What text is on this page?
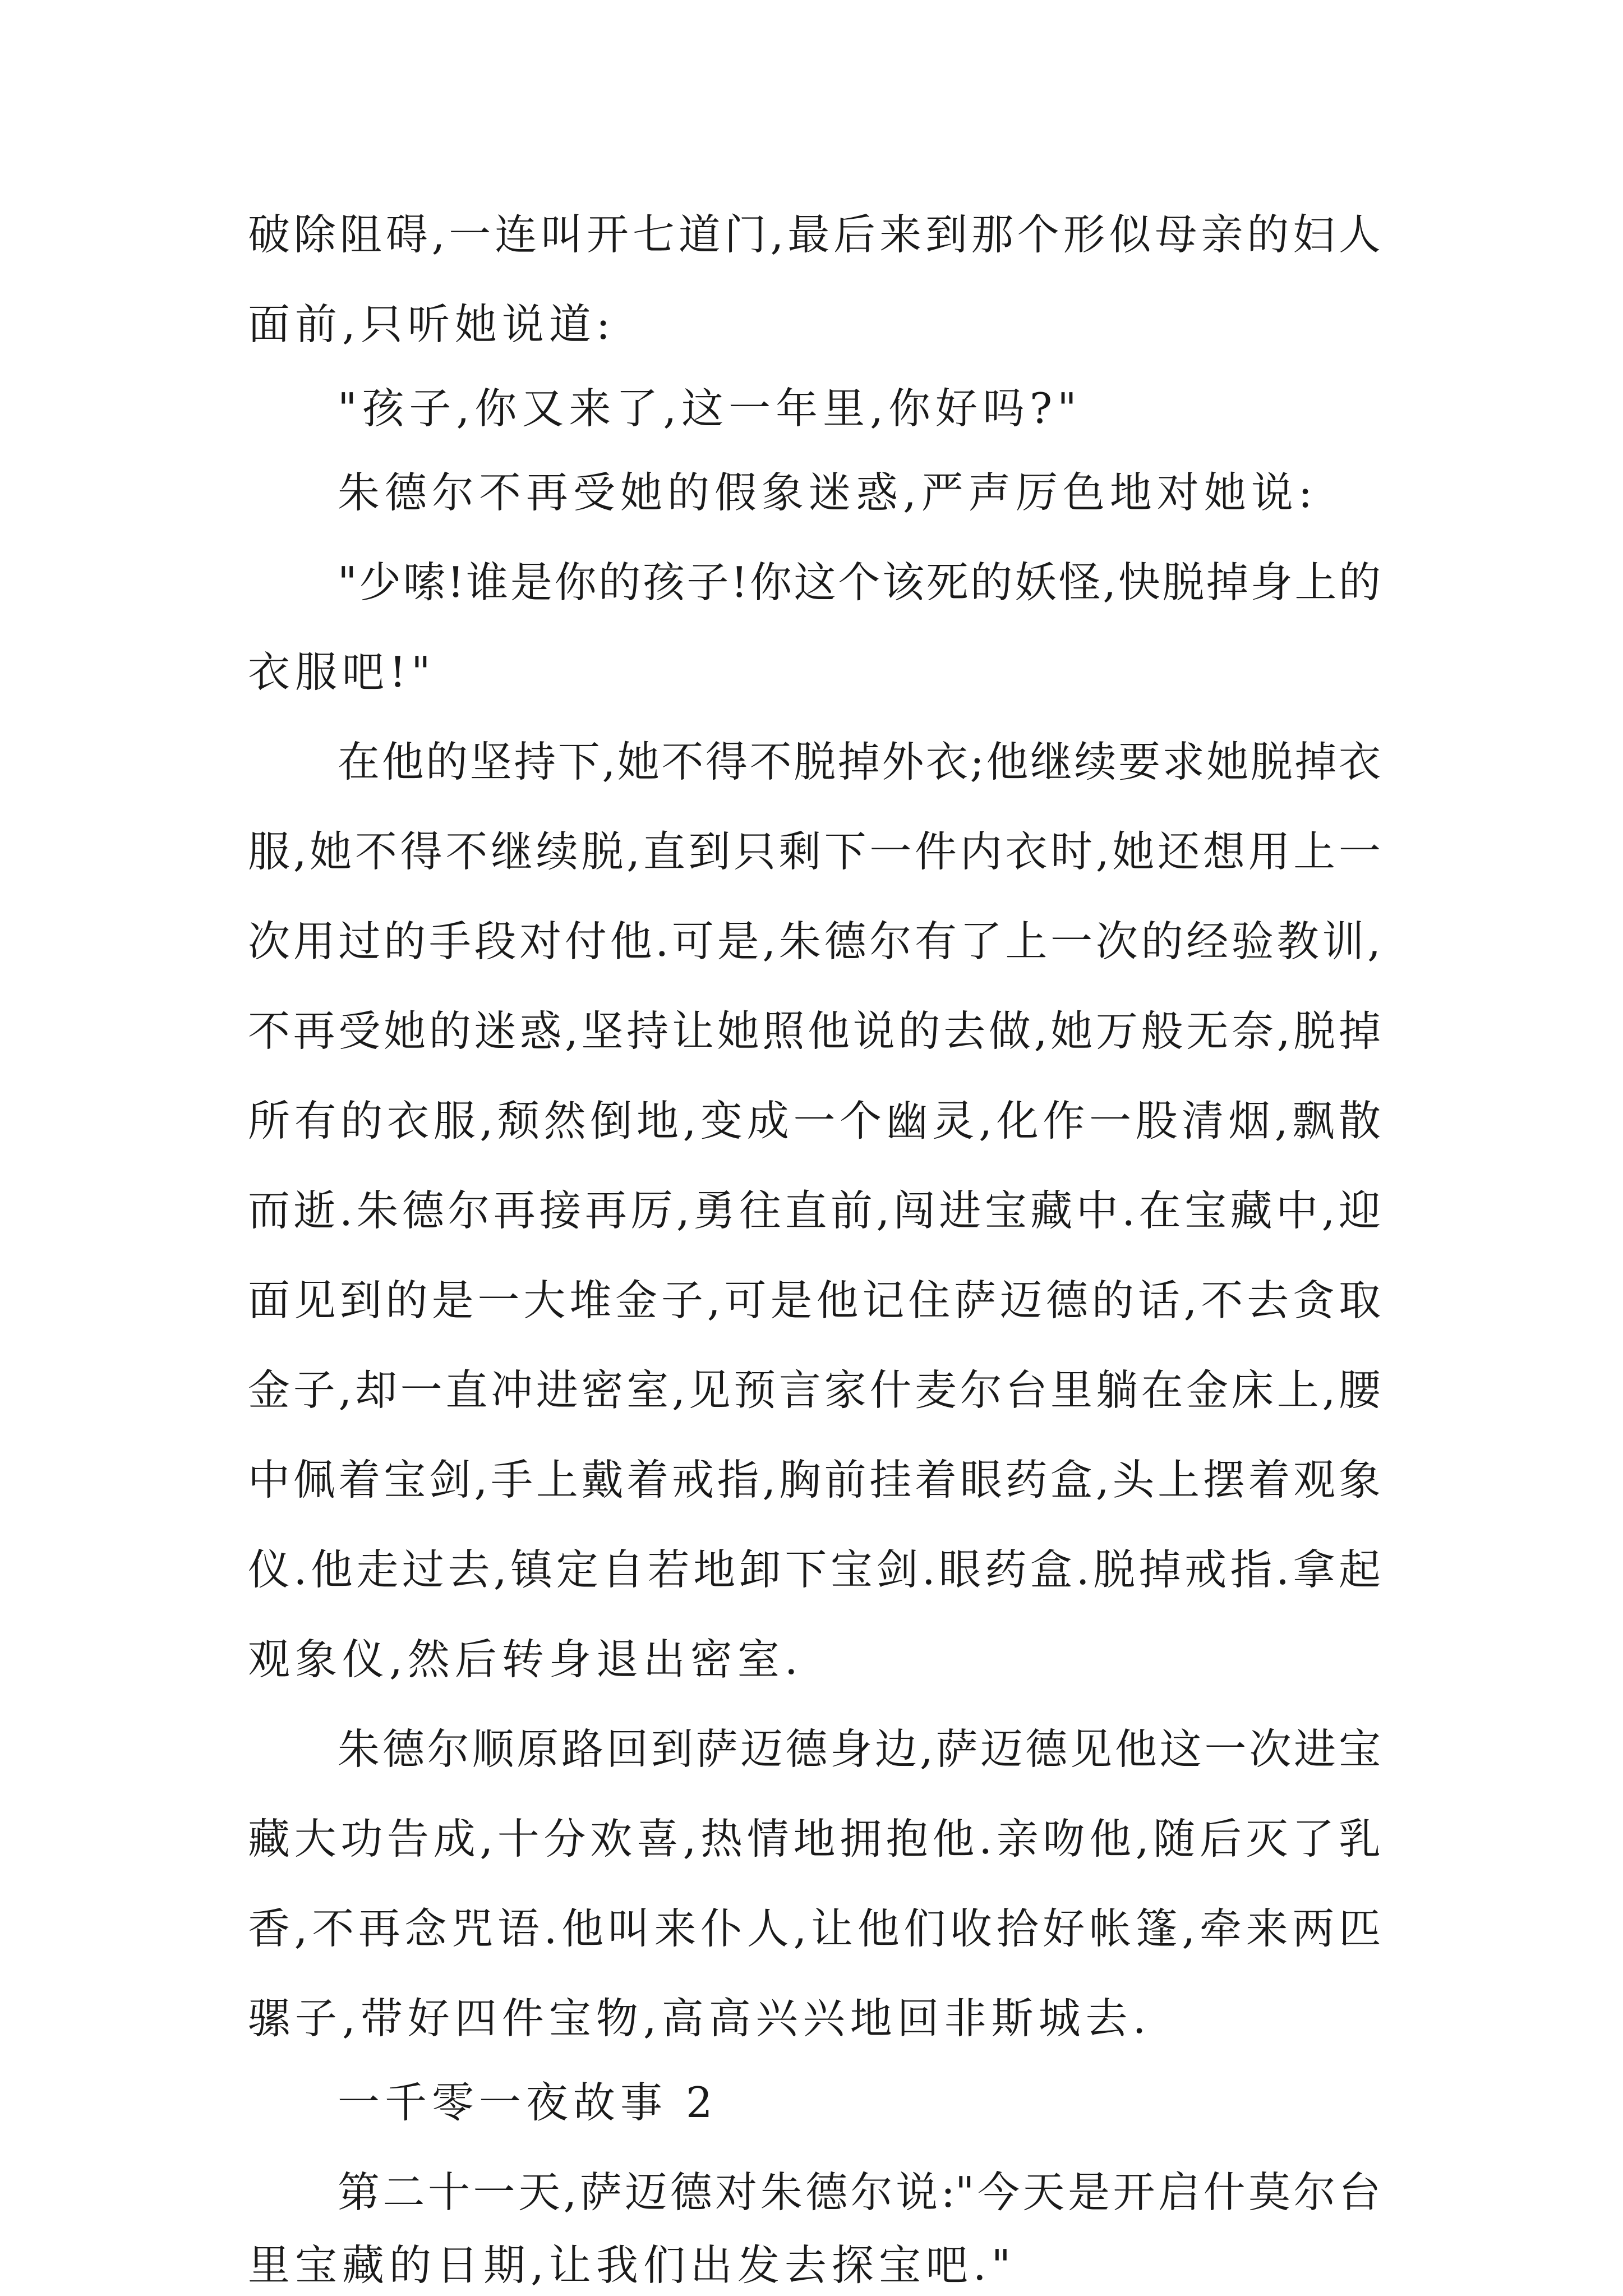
破除阻碍,一连叫开七道门,最后来到那个形似母亲的妇人
面前,只听她说道:
"孩子,你又来了,这一年里,你好吗?"
朱德尔不再受她的假象迷惑,严声厉色地对她说:
"少嗦!谁是你的孩子!你这个该死的妖怪,快脱掉身上的
衣服吧!"
在他的坚持下,她不得不脱掉外衣;他继续要求她脱掉衣
服,她不得不继续脱,直到只剩下一件内衣时,她还想用上一
次用过的手段对付他.可是,朱德尔有了上一次的经验教训,
不再受她的迷惑,坚持让她照他说的去做,她万般无奈,脱掉
所有的衣服,颓然倒地,变成一个幽灵,化作一股清烟,飘散
而逝.朱德尔再接再厉,勇往直前,闯进宝藏中.在宝藏中,迎
面见到的是一大堆金子,可是他记住萨迈德的话,不去贪取
金子,却一直冲进密室,见预言家什麦尔台里躺在金床上,腰
中佩着宝剑,手上戴着戒指,胸前挂着眼药盒,头上摆着观象
仪.他走过去,镇定自若地卸下宝剑.眼药盒.脱掉戒指.拿起
观象仪,然后转身退出密室.
朱德尔顺原路回到萨迈德身边,萨迈德见他这一次进宝
藏大功告成,十分欢喜,热情地拥抱他.亲吻他,随后灭了乳
香,不再念咒语.他叫来仆人,让他们收拾好帐篷,牵来两匹
骡子,带好四件宝物,高高兴兴地回非斯城去.
一千零一夜故事 2
第二十一天,萨迈德对朱德尔说:"今天是开启什莫尔台
里宝藏的日期,让我们出发去探宝吧."
